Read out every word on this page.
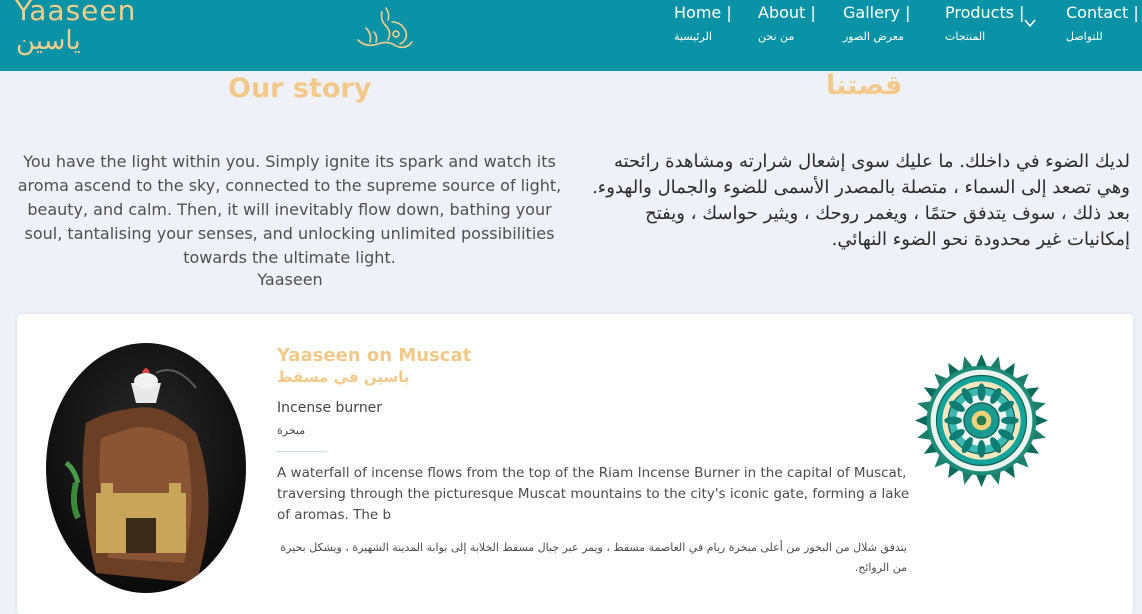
Yaaseen
ياسين
Home |
الرئيسية
About |
من نحن
Gallery |
معرض الصور
Products |
المنتجات
Contact |
للتواصل
Our story	قصتنا
You have the light within you. Simply ignite its spark and watch its aroma ascend to the sky, connected to the supreme source of light, beauty, and calm. Then, it will inevitably flow down, bathing your soul, tantalising your senses, and unlocking unlimited possibilities towards the ultimate light.
Yaaseen
لديك الضوء في داخلك. ما عليك سوى إشعال شرارته ومشاهدة رائحته وهي تصعد إلى السماء ، متصلة بالمصدر الأسمى للضوء والجمال والهدوء. بعد ذلك ، سوف يتدفق حتمًا ، ويغمر روحك ، ويثير حواسك ، ويفتح إمكانيات غير محدودة نحو الضوء النهائي.
Yaaseen on Muscat
ياسين في مسقط
Incense burner
مبخرة
A waterfall of incense flows from the top of the Riam Incense Burner in the capital of Muscat, traversing through the picturesque Muscat mountains to the city's iconic gate, forming a lake of aromas. The b
يتدفق شلال من البخور من أعلى مبخرة ريام في العاصمة مسقط ، ويمر عبر جبال مسقط الخلابة إلى بوابة المدينة الشهيرة ، ويشكل بحيرة من الروائح.
